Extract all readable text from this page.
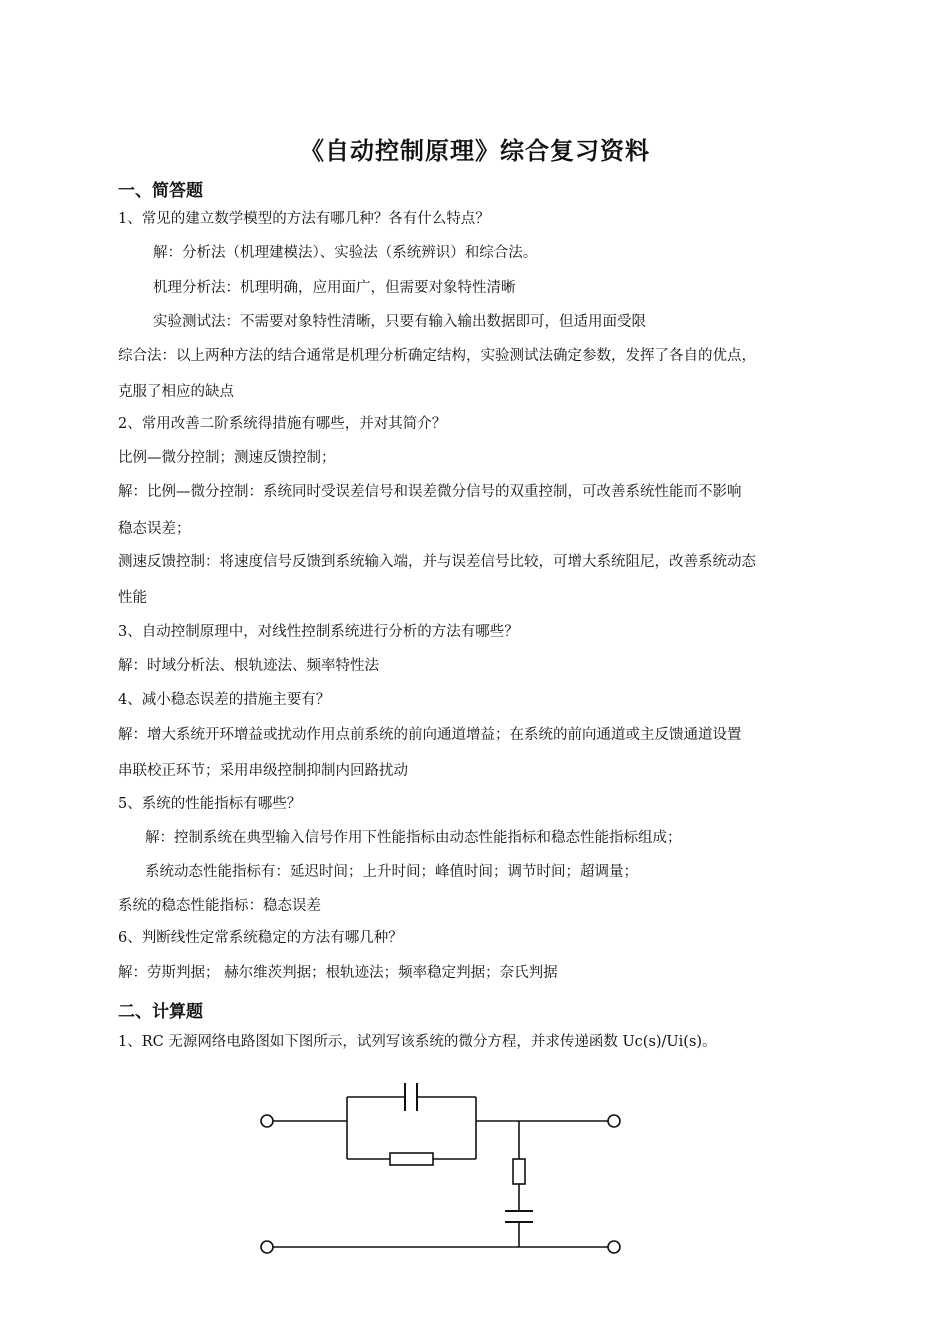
《自动控制原理》综合复习资料
一、简答题
1、常见的建立数学模型的方法有哪几种？各有什么特点？
解：分析法（机理建模法）、实验法（系统辨识）和综合法。
机理分析法：机理明确，应用面广，但需要对象特性清晰
实验测试法：不需要对象特性清晰，只要有输入输出数据即可，但适用面受限
综合法：以上两种方法的结合通常是机理分析确定结构，实验测试法确定参数，发挥了各自的优点，
克服了相应的缺点
2、常用改善二阶系统得措施有哪些，并对其简介？
比例—微分控制；测速反馈控制；
解：比例—微分控制：系统同时受误差信号和误差微分信号的双重控制，可改善系统性能而不影响
稳态误差；
测速反馈控制：将速度信号反馈到系统输入端，并与误差信号比较，可增大系统阻尼，改善系统动态
性能
3、自动控制原理中，对线性控制系统进行分析的方法有哪些？
解：时域分析法、根轨迹法、频率特性法
4、减小稳态误差的措施主要有？
解：增大系统开环增益或扰动作用点前系统的前向通道增益；在系统的前向通道或主反馈通道设置
串联校正环节；采用串级控制抑制内回路扰动
5、系统的性能指标有哪些？
解：控制系统在典型输入信号作用下性能指标由动态性能指标和稳态性能指标组成；
系统动态性能指标有：延迟时间；上升时间；峰值时间；调节时间；超调量；
系统的稳态性能指标：稳态误差
6、判断线性定常系统稳定的方法有哪几种？
解：劳斯判据； 赫尔维茨判据；根轨迹法；频率稳定判据；奈氏判据
二、计算题
1、RC 无源网络电路图如下图所示，试列写该系统的微分方程，并求传递函数 Uc(s)/Ui(s)。
